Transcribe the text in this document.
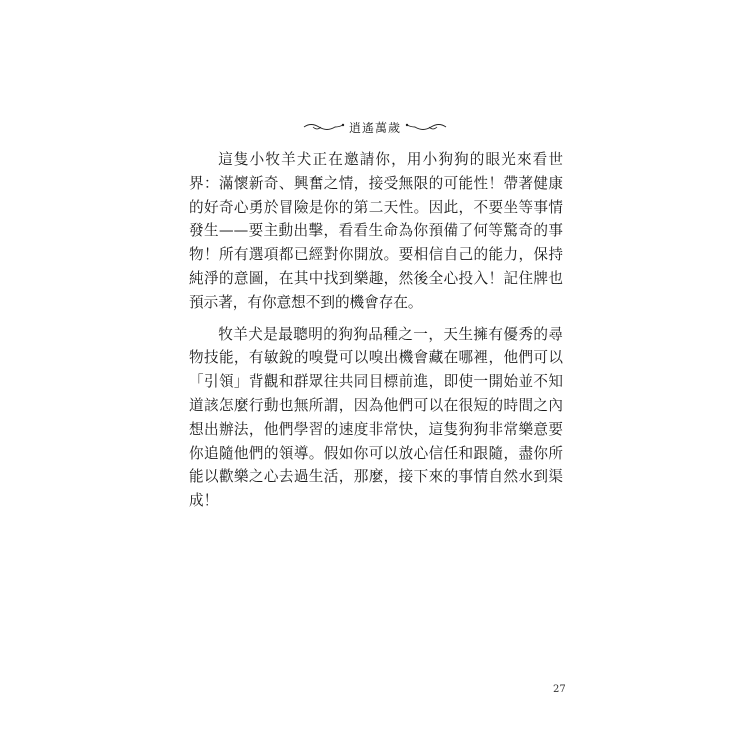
逍遙萬歲

這隻小牧羊犬正在邀請你，用小狗狗的眼光來看世界：滿懷新奇、興奮之情，接受無限的可能性！帶著健康的好奇心勇於冒險是你的第二天性。因此，不要坐等事情發生——要主動出擊，看看生命為你預備了何等驚奇的事物！所有選項都已經對你開放。要相信自己的能力，保持純淨的意圖，在其中找到樂趣，然後全心投入！記住牌也預示著，有你意想不到的機會存在。

牧羊犬是最聰明的狗狗品種之一，天生擁有優秀的尋物技能，有敏銳的嗅覺可以嗅出機會藏在哪裡，他們可以「引領」背觀和群眾往共同目標前進，即使一開始並不知道該怎麼行動也無所謂，因為他們可以在很短的時間之內想出辦法，他們學習的速度非常快，這隻狗狗非常樂意要你追隨他們的領導。假如你可以放心信任和跟隨，盡你所能以歡樂之心去過生活，那麼，接下來的事情自然水到渠成！

27
